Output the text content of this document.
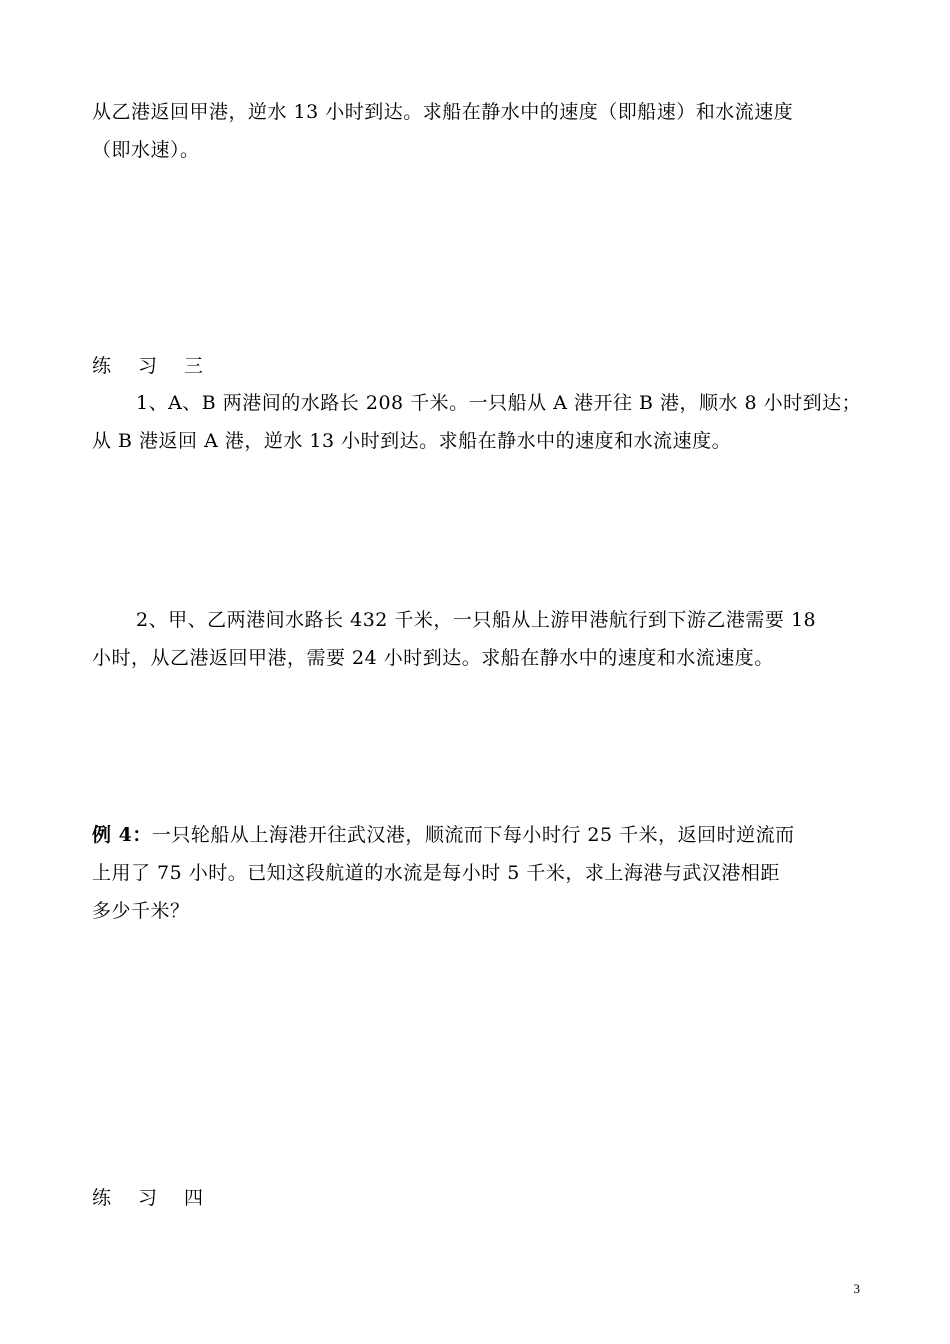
从乙港返回甲港，逆水 13 小时到达。求船在静水中的速度（即船速）和水流速度
（即水速）。
练 习 三
1、A、B 两港间的水路长 208 千米。一只船从 A 港开往 B 港，顺水 8 小时到达；
从 B 港返回 A 港，逆水 13 小时到达。求船在静水中的速度和水流速度。
2、甲、乙两港间水路长 432 千米，一只船从上游甲港航行到下游乙港需要 18
小时，从乙港返回甲港，需要 24 小时到达。求船在静水中的速度和水流速度。
例 4：一只轮船从上海港开往武汉港，顺流而下每小时行 25 千米，返回时逆流而
上用了 75 小时。已知这段航道的水流是每小时 5 千米，求上海港与武汉港相距
多少千米？
练 习 四
3
